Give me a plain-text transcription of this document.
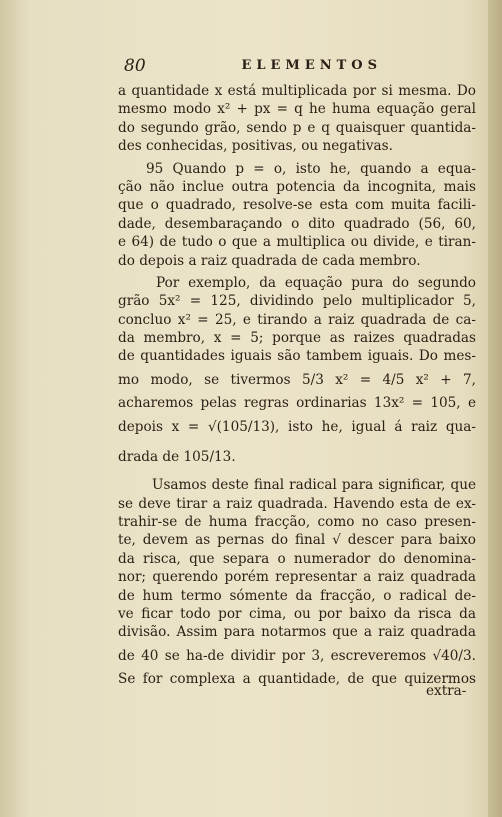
80	ELEMENTOS
a quantidade x está multiplicada por si mesma. Do
mesmo modo x² + px = q he huma equação geral
do segundo grão, sendo p e q quaisquer quantida-
des conhecidas, positivas, ou negativas.
95 Quando p = o, isto he, quando a equa-
ção não inclue outra potencia da incognita, mais
que o quadrado, resolve-se esta com muita facili-
dade, desembaraçando o dito quadrado (56, 60,
e 64) de tudo o que a multiplica ou divide, e tiran-
do depois a raiz quadrada de cada membro.
Por exemplo, da equação pura do segundo
grão 5x² = 125, dividindo pelo multiplicador 5,
concluo x² = 25, e tirando a raiz quadrada de ca-
da membro, x = 5; porque as raizes quadradas
de quantidades iguais são tambem iguais. Do mes-
mo modo, se tivermos 5/3 x² = 4/5 x² + 7,
acharemos pelas regras ordinarias 13x² = 105, e
depois x = √(105/13), isto he, igual á raiz qua-
drada de 105/13.
Usamos deste final radical para significar, que
se deve tirar a raiz quadrada. Havendo esta de ex-
trahir-se de huma fracção, como no caso presen-
te, devem as pernas do final √ descer para baixo
da risca, que separa o numerador do denomina-
nor; querendo porém representar a raiz quadrada
de hum termo sómente da fracção, o radical de-
ve ficar todo por cima, ou por baixo da risca da
divisão. Assim para notarmos que a raiz quadrada
de 40 se ha-de dividir por 3, escreveremos √40/3.
Se for complexa a quantidade, de que quizermos
extra-
